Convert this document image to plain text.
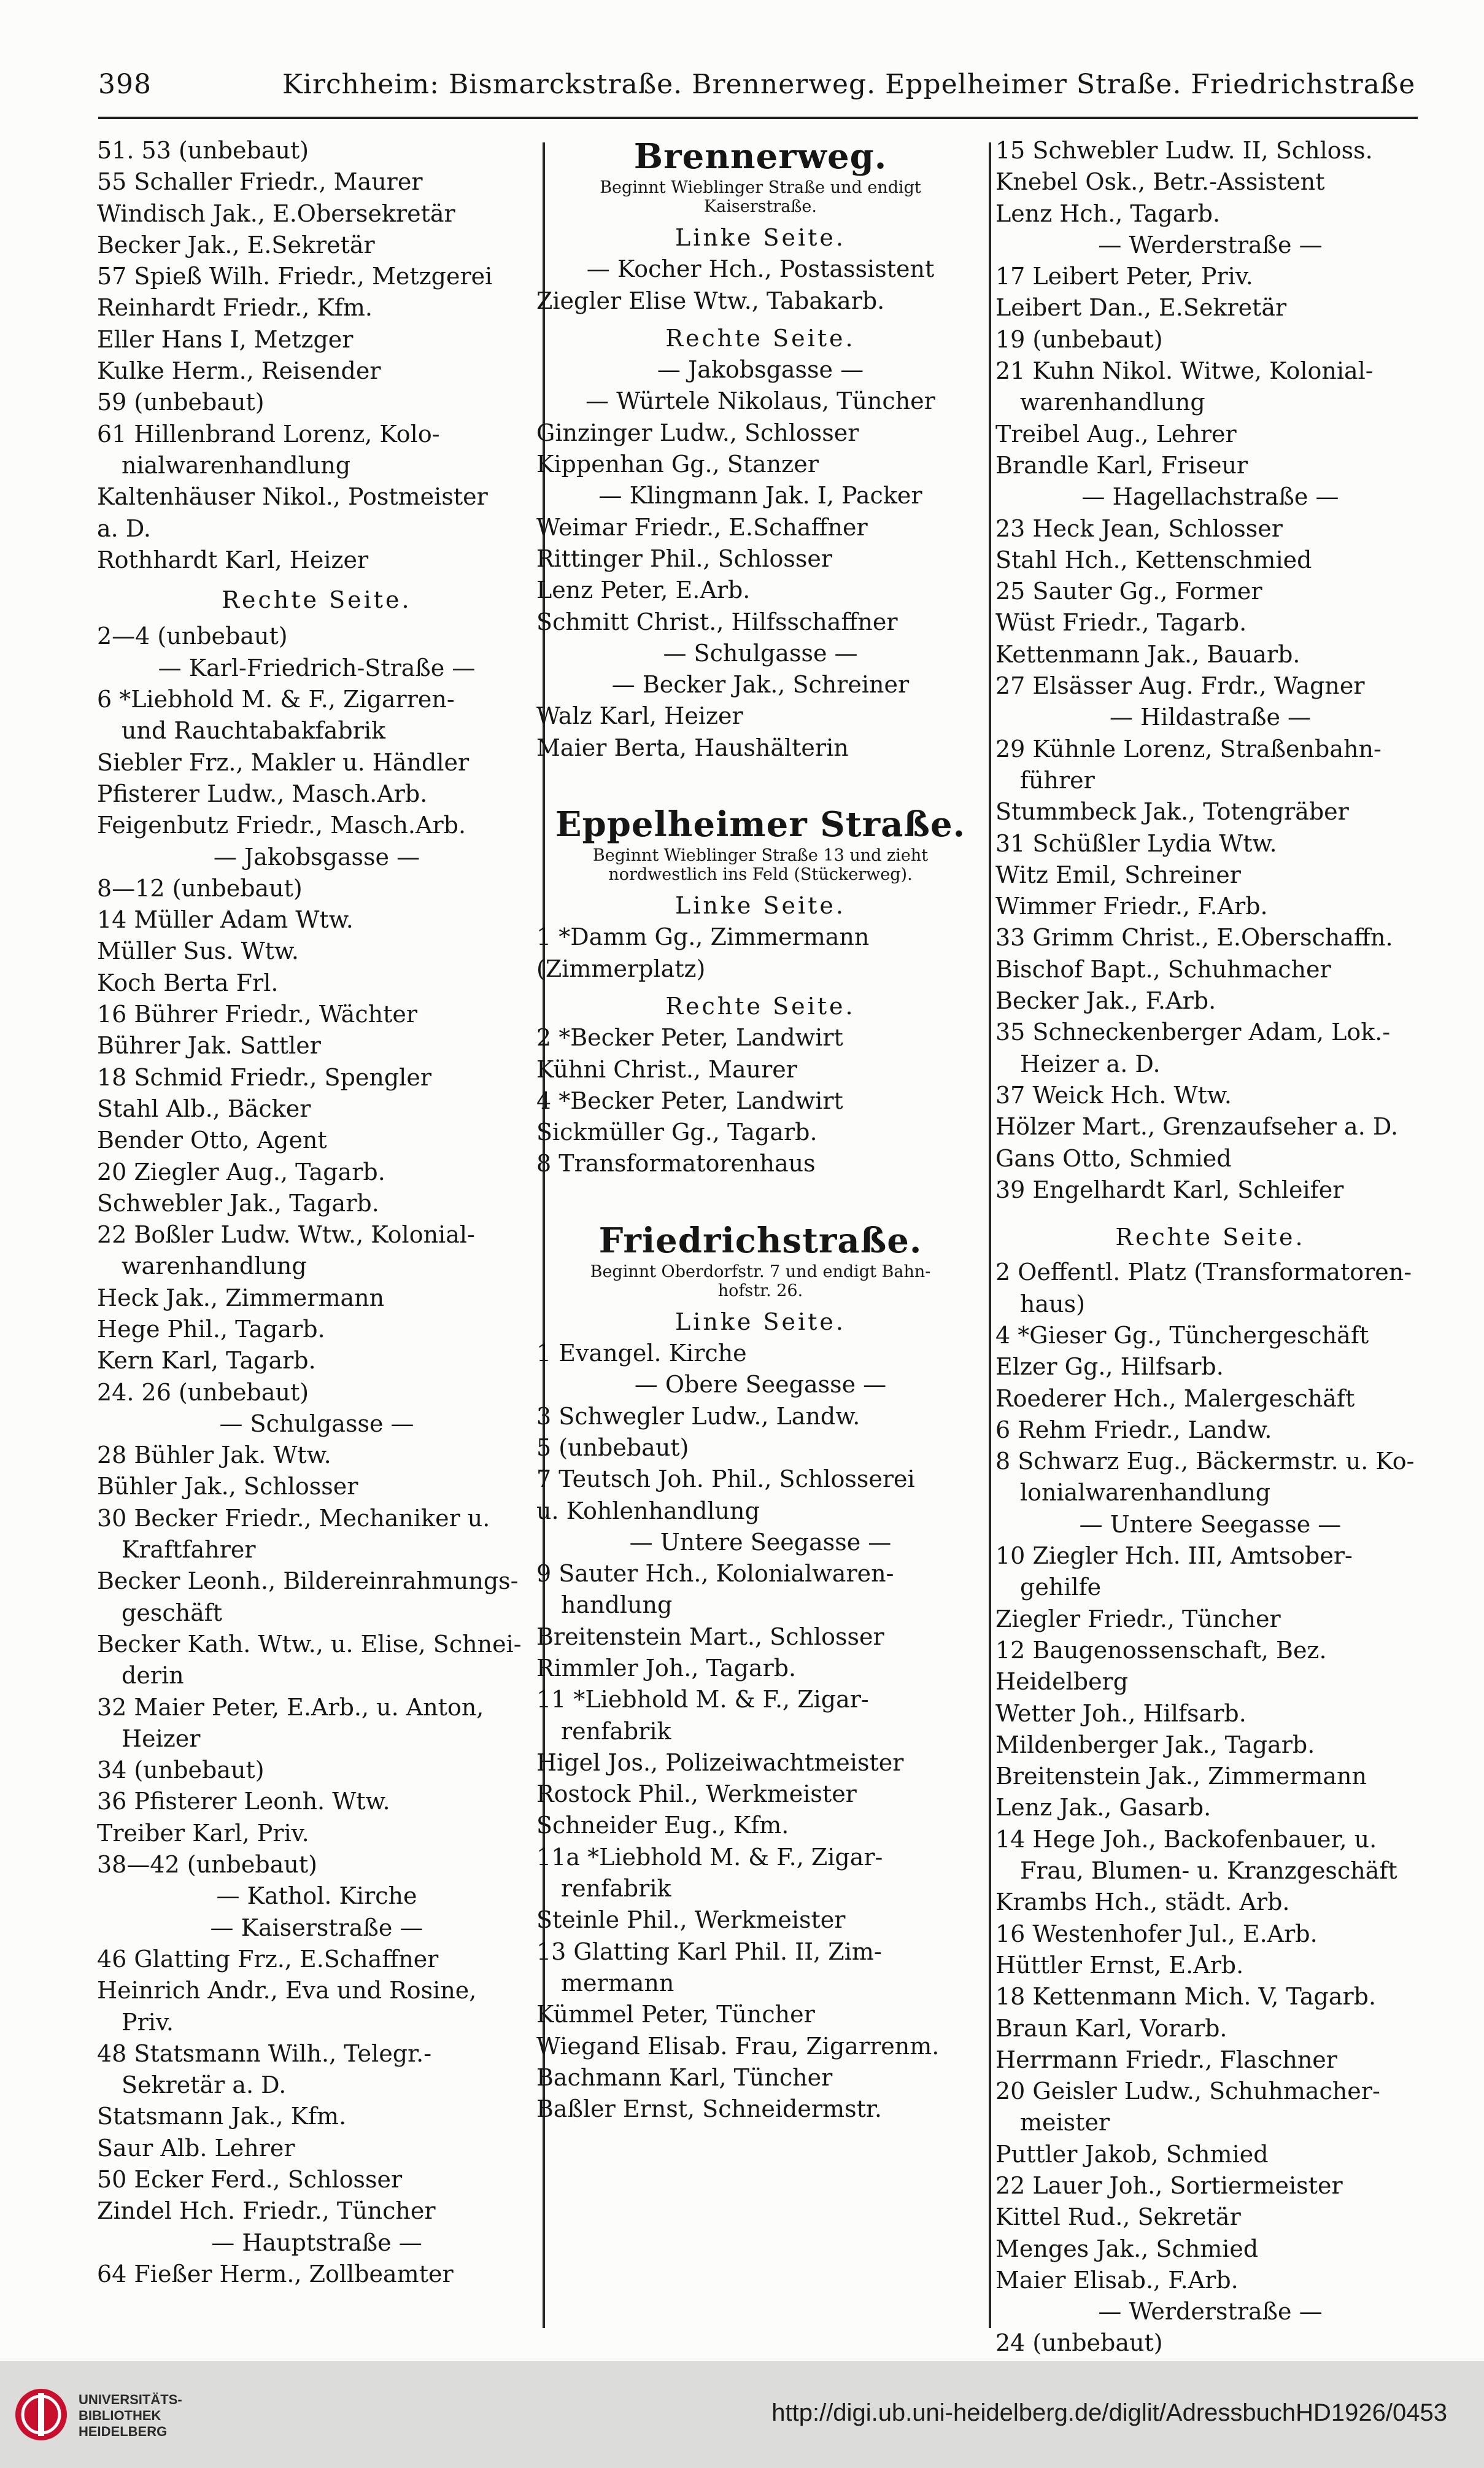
398	Kirchheim: Bismarckstraße. Brennerweg. Eppelheimer Straße. Friedrichstraße
51. 53 (unbebaut)
55 Schaller Friedr., Maurer
Windisch Jak., E.Obersekretär
Becker Jak., E.Sekretär
57 Spieß Wilh. Friedr., Metzgerei
Reinhardt Friedr., Kfm.
Eller Hans I, Metzger
Kulke Herm., Reisender
59 (unbebaut)
61 Hillenbrand Lorenz, Kolo-
nialwarenhandlung
Kaltenhäuser Nikol., Postmeister
a. D.
Rothhardt Karl, Heizer
Rechte Seite.
2—4 (unbebaut)
— Karl-Friedrich-Straße —
6 *Liebhold M. & F., Zigarren-
und Rauchtabakfabrik
Siebler Frz., Makler u. Händler
Pfisterer Ludw., Masch.Arb.
Feigenbutz Friedr., Masch.Arb.
— Jakobsgasse —
8—12 (unbebaut)
14 Müller Adam Wtw.
Müller Sus. Wtw.
Koch Berta Frl.
16 Bührer Friedr., Wächter
Bührer Jak. Sattler
18 Schmid Friedr., Spengler
Stahl Alb., Bäcker
Bender Otto, Agent
20 Ziegler Aug., Tagarb.
Schwebler Jak., Tagarb.
22 Boßler Ludw. Wtw., Kolonial-
warenhandlung
Heck Jak., Zimmermann
Hege Phil., Tagarb.
Kern Karl, Tagarb.
24. 26 (unbebaut)
— Schulgasse —
28 Bühler Jak. Wtw.
Bühler Jak., Schlosser
30 Becker Friedr., Mechaniker u.
Kraftfahrer
Becker Leonh., Bildereinrahmungs-
geschäft
Becker Kath. Wtw., u. Elise, Schnei-
derin
32 Maier Peter, E.Arb., u. Anton,
Heizer
34 (unbebaut)
36 Pfisterer Leonh. Wtw.
Treiber Karl, Priv.
38—42 (unbebaut)
— Kathol. Kirche
— Kaiserstraße —
46 Glatting Frz., E.Schaffner
Heinrich Andr., Eva und Rosine,
Priv.
48 Statsmann Wilh., Telegr.-
Sekretär a. D.
Statsmann Jak., Kfm.
Saur Alb. Lehrer
50 Ecker Ferd., Schlosser
Zindel Hch. Friedr., Tüncher
— Hauptstraße —
64 Fießer Herm., Zollbeamter
Brennerweg.
Beginnt Wieblinger Straße und endigt
Kaiserstraße.
Linke Seite.
— Kocher Hch., Postassistent
Ziegler Elise Wtw., Tabakarb.
Rechte Seite.
— Jakobsgasse —
— Würtele Nikolaus, Tüncher
Ginzinger Ludw., Schlosser
Kippenhan Gg., Stanzer
— Klingmann Jak. I, Packer
Weimar Friedr., E.Schaffner
Rittinger Phil., Schlosser
Lenz Peter, E.Arb.
Schmitt Christ., Hilfsschaffner
— Schulgasse —
— Becker Jak., Schreiner
Walz Karl, Heizer
Maier Berta, Haushälterin
Eppelheimer Straße.
Beginnt Wieblinger Straße 13 und zieht
nordwestlich ins Feld (Stückerweg).
Linke Seite.
1 *Damm Gg., Zimmermann
(Zimmerplatz)
Rechte Seite.
2 *Becker Peter, Landwirt
Kühni Christ., Maurer
4 *Becker Peter, Landwirt
Sickmüller Gg., Tagarb.
8 Transformatorenhaus
Friedrichstraße.
Beginnt Oberdorfstr. 7 und endigt Bahn-
hofstr. 26.
Linke Seite.
1 Evangel. Kirche
— Obere Seegasse —
3 Schwegler Ludw., Landw.
5 (unbebaut)
7 Teutsch Joh. Phil., Schlosserei
u. Kohlenhandlung
— Untere Seegasse —
9 Sauter Hch., Kolonialwaren-
handlung
Breitenstein Mart., Schlosser
Rimmler Joh., Tagarb.
11 *Liebhold M. & F., Zigar-
renfabrik
Higel Jos., Polizeiwachtmeister
Rostock Phil., Werkmeister
Schneider Eug., Kfm.
11a *Liebhold M. & F., Zigar-
renfabrik
Steinle Phil., Werkmeister
13 Glatting Karl Phil. II, Zim-
mermann
Kümmel Peter, Tüncher
Wiegand Elisab. Frau, Zigarrenm.
Bachmann Karl, Tüncher
Baßler Ernst, Schneidermstr.
15 Schwebler Ludw. II, Schloss.
Knebel Osk., Betr.-Assistent
Lenz Hch., Tagarb.
— Werderstraße —
17 Leibert Peter, Priv.
Leibert Dan., E.Sekretär
19 (unbebaut)
21 Kuhn Nikol. Witwe, Kolonial-
warenhandlung
Treibel Aug., Lehrer
Brandle Karl, Friseur
— Hagellachstraße —
23 Heck Jean, Schlosser
Stahl Hch., Kettenschmied
25 Sauter Gg., Former
Wüst Friedr., Tagarb.
Kettenmann Jak., Bauarb.
27 Elsässer Aug. Frdr., Wagner
— Hildastraße —
29 Kühnle Lorenz, Straßenbahn-
führer
Stummbeck Jak., Totengräber
31 Schüßler Lydia Wtw.
Witz Emil, Schreiner
Wimmer Friedr., F.Arb.
33 Grimm Christ., E.Oberschaffn.
Bischof Bapt., Schuhmacher
Becker Jak., F.Arb.
35 Schneckenberger Adam, Lok.-
Heizer a. D.
37 Weick Hch. Wtw.
Hölzer Mart., Grenzaufseher a. D.
Gans Otto, Schmied
39 Engelhardt Karl, Schleifer
Rechte Seite.
2 Oeffentl. Platz (Transformatoren-
haus)
4 *Gieser Gg., Tünchergeschäft
Elzer Gg., Hilfsarb.
Roederer Hch., Malergeschäft
6 Rehm Friedr., Landw.
8 Schwarz Eug., Bäckermstr. u. Ko-
lonialwarenhandlung
— Untere Seegasse —
10 Ziegler Hch. III, Amtsober-
gehilfe
Ziegler Friedr., Tüncher
12 Baugenossenschaft, Bez.
Heidelberg
Wetter Joh., Hilfsarb.
Mildenberger Jak., Tagarb.
Breitenstein Jak., Zimmermann
Lenz Jak., Gasarb.
14 Hege Joh., Backofenbauer, u.
Frau, Blumen- u. Kranzgeschäft
Krambs Hch., städt. Arb.
16 Westenhofer Jul., E.Arb.
Hüttler Ernst, E.Arb.
18 Kettenmann Mich. V, Tagarb.
Braun Karl, Vorarb.
Herrmann Friedr., Flaschner
20 Geisler Ludw., Schuhmacher-
meister
Puttler Jakob, Schmied
22 Lauer Joh., Sortiermeister
Kittel Rud., Sekretär
Menges Jak., Schmied
Maier Elisab., F.Arb.
— Werderstraße —
24 (unbebaut)
UNIVERSITÄTS-
BIBLIOTHEK
HEIDELBERG
http://digi.ub.uni-heidelberg.de/diglit/AdressbuchHD1926/0453
